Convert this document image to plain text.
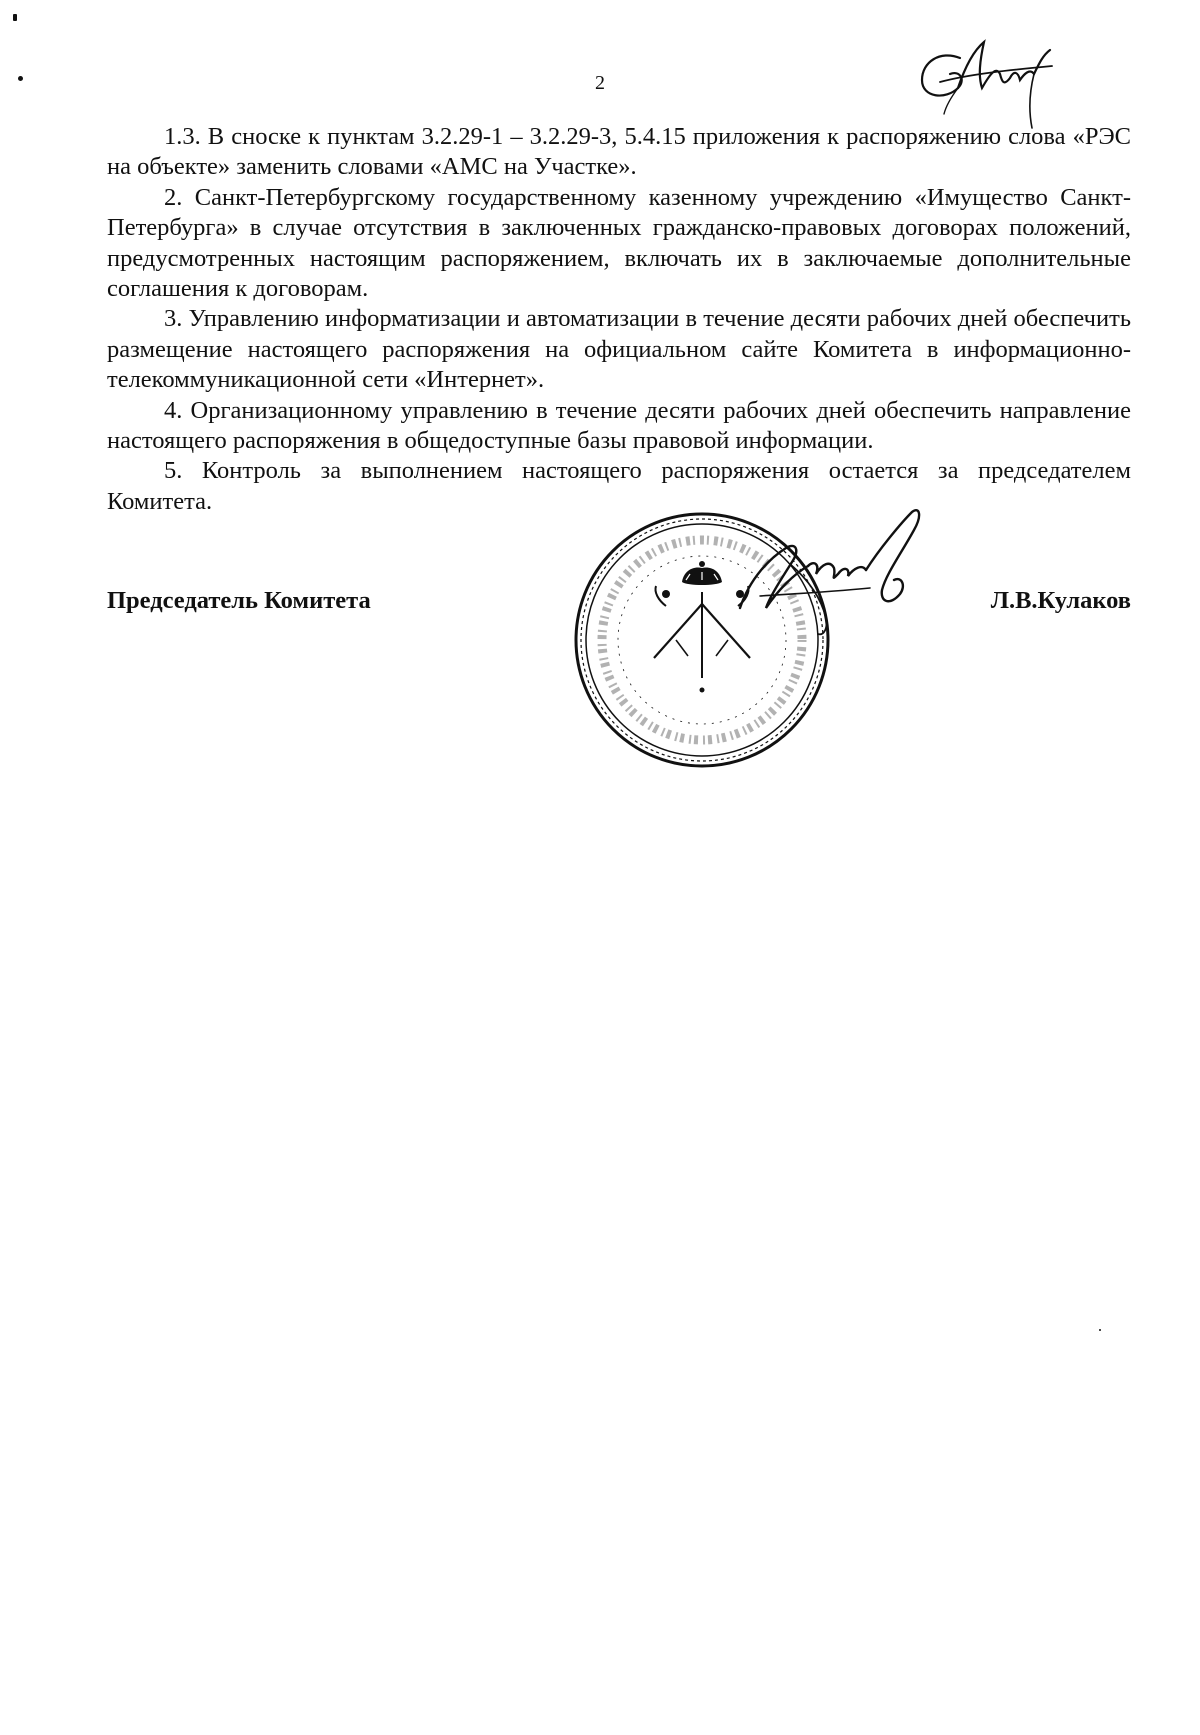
2

1.3. В сноске к пунктам 3.2.29-1 – 3.2.29-3, 5.4.15 приложения к распоряжению слова «РЭС на объекте» заменить словами «АМС на Участке».

2. Санкт-Петербургскому государственному казенному учреждению «Имущество Санкт-Петербурга» в случае отсутствия в заключенных гражданско-правовых договорах положений, предусмотренных настоящим распоряжением, включать их в заключаемые дополнительные соглашения к договорам.

3. Управлению информатизации и автоматизации в течение десяти рабочих дней обеспечить размещение настоящего распоряжения на официальном сайте Комитета в информационно-телекоммуникационной сети «Интернет».

4. Организационному управлению в течение десяти рабочих дней обеспечить направление настоящего распоряжения в общедоступные базы правовой информации.

5. Контроль за выполнением настоящего распоряжения остается за председателем Комитета.

Председатель Комитета	Л.В.Кулаков
